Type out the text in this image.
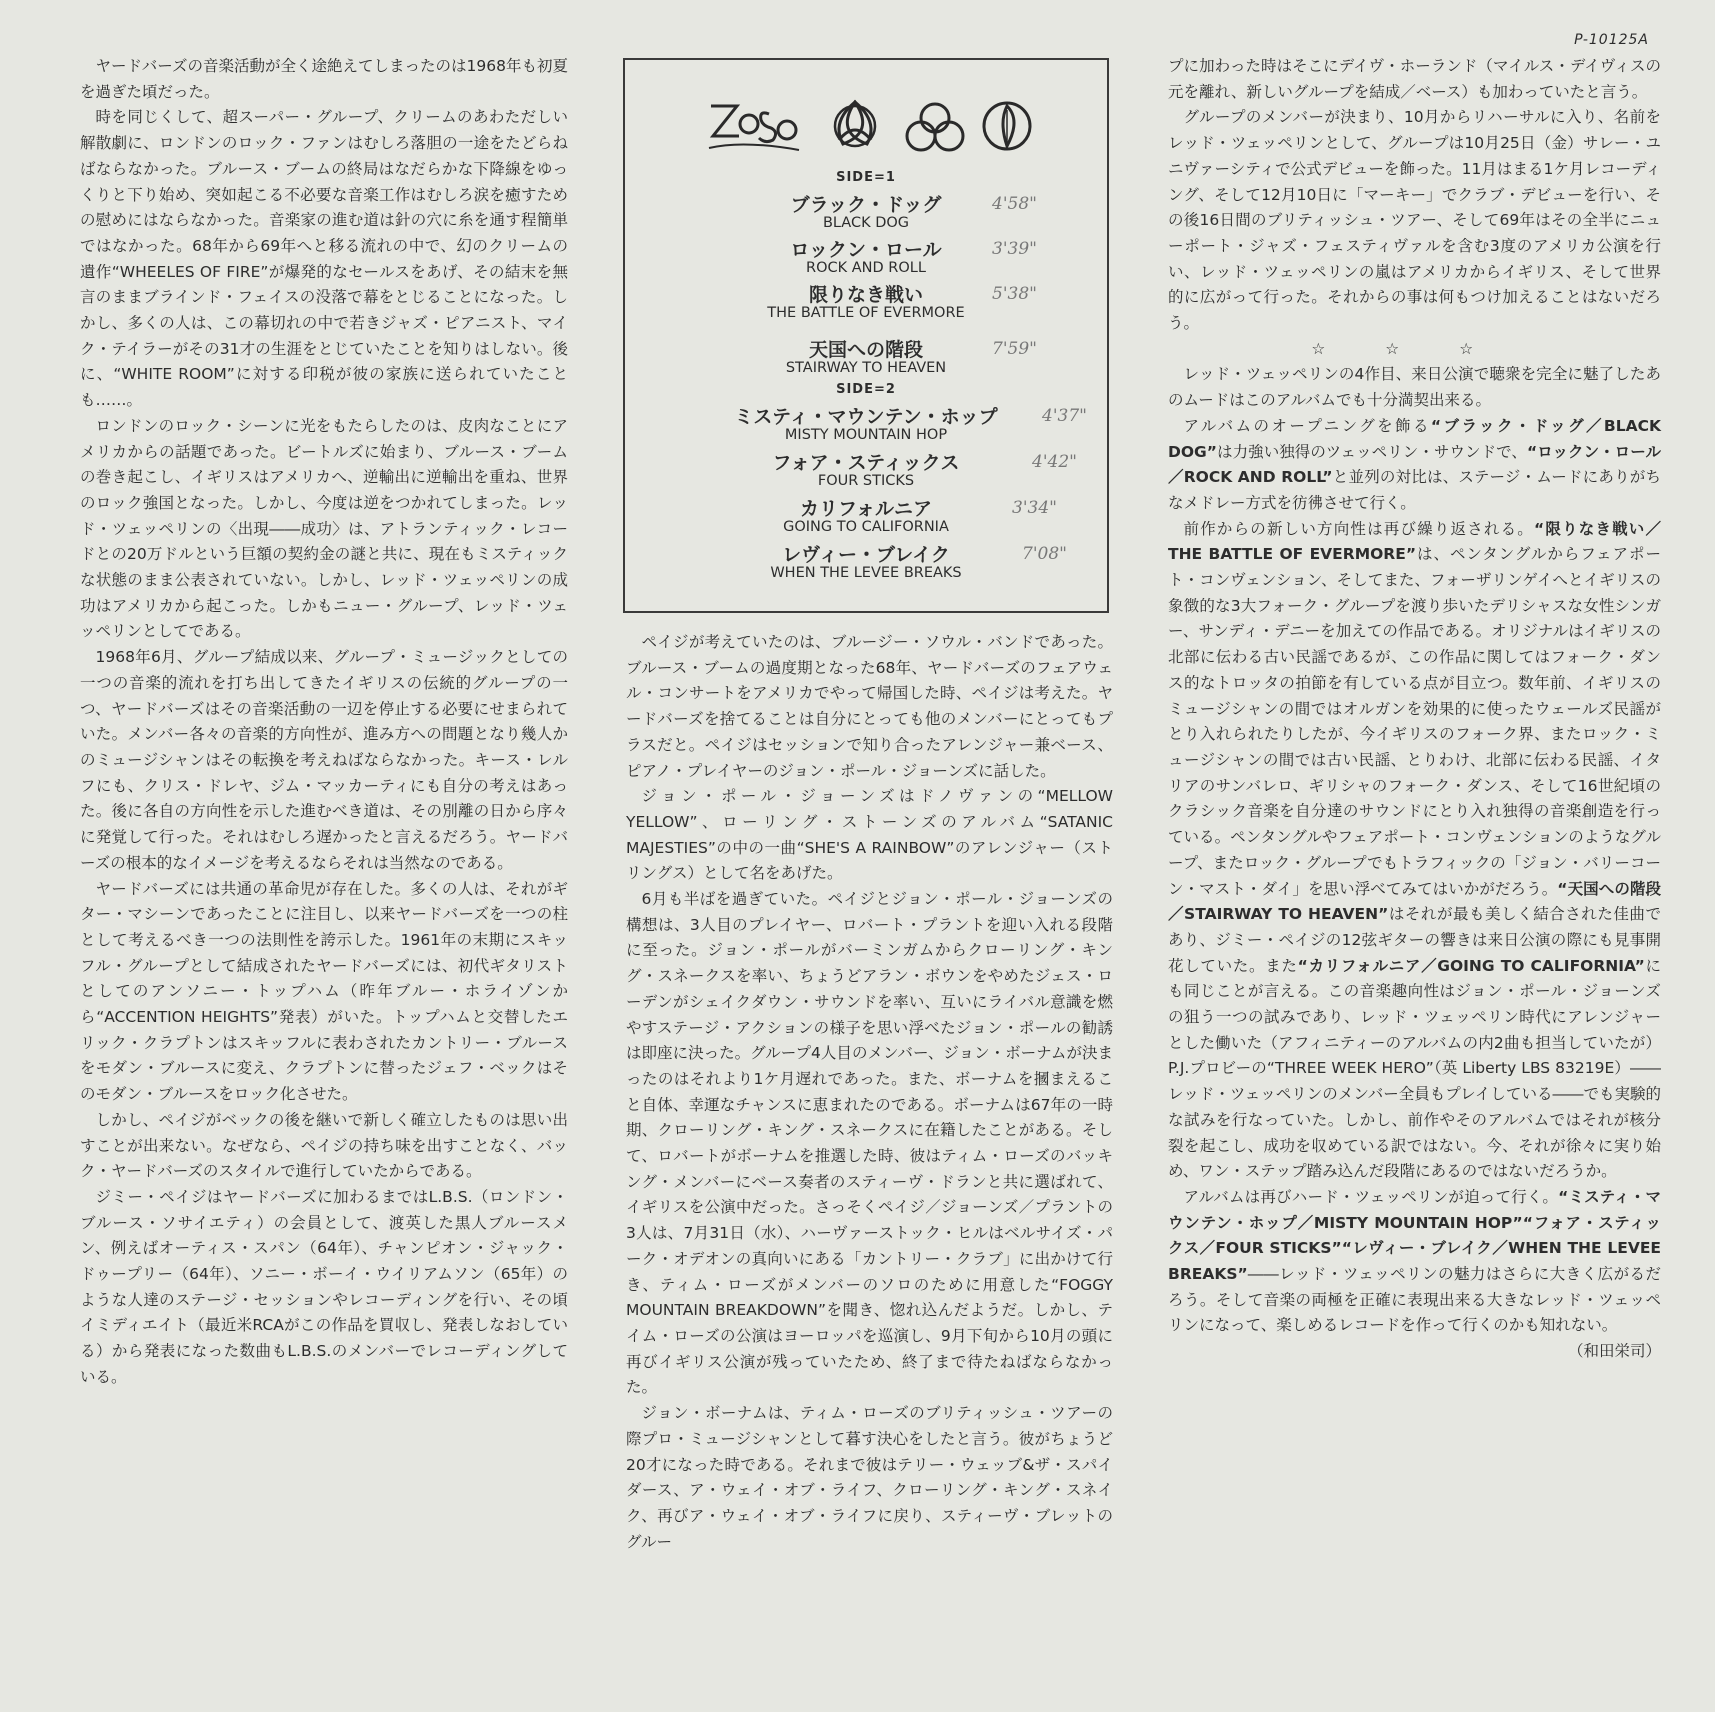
P-10125A

ヤードバーズの音楽活動が全く途絶えてしまったのは1968年も初夏を過ぎた頃だった。

時を同じくして、超スーパー・グループ、クリームのあわただしい解散劇に、ロンドンのロック・ファンはむしろ落胆の一途をたどらねばならなかった。ブルース・ブームの終局はなだらかな下降線をゆっくりと下り始め、突如起こる不必要な音楽工作はむしろ涙を癒すための慰めにはならなかった。音楽家の進む道は針の穴に糸を通す程簡単ではなかった。68年から69年へと移る流れの中で、幻のクリームの遺作“WHEELES OF FIRE”が爆発的なセールスをあげ、その結末を無言のままブラインド・フェイスの没落で幕をとじることになった。しかし、多くの人は、この幕切れの中で若きジャズ・ピアニスト、マイク・テイラーがその31才の生涯をとじていたことを知りはしない。後に、“WHITE ROOM”に対する印税が彼の家族に送られていたことも……。

ロンドンのロック・シーンに光をもたらしたのは、皮肉なことにアメリカからの話題であった。ビートルズに始まり、ブルース・ブームの巻き起こし、イギリスはアメリカへ、逆輸出に逆輸出を重ね、世界のロック強国となった。しかし、今度は逆をつかれてしまった。レッド・ツェッペリンの〈出現――成功〉は、アトランティック・レコードとの20万ドルという巨額の契約金の謎と共に、現在もミスティックな状態のまま公表されていない。しかし、レッド・ツェッペリンの成功はアメリカから起こった。しかもニュー・グループ、レッド・ツェッペリンとしてである。

1968年6月、グループ結成以来、グループ・ミュージックとしての一つの音楽的流れを打ち出してきたイギリスの伝統的グループの一つ、ヤードバーズはその音楽活動の一辺を停止する必要にせまられていた。メンバー各々の音楽的方向性が、進み方への問題となり幾人かのミュージシャンはその転換を考えねばならなかった。キース・レルフにも、クリス・ドレヤ、ジム・マッカーティにも自分の考えはあった。後に各自の方向性を示した進むべき道は、その別離の日から序々に発覚して行った。それはむしろ遅かったと言えるだろう。ヤードバーズの根本的なイメージを考えるならそれは当然なのである。

ヤードバーズには共通の革命児が存在した。多くの人は、それがギター・マシーンであったことに注目し、以来ヤードバーズを一つの柱として考えるべき一つの法則性を誇示した。1961年の末期にスキッフル・グループとして結成されたヤードバーズには、初代ギタリストとしてのアンソニー・トップハム（昨年ブルー・ホライゾンから“ACCENTION HEIGHTS”発表）がいた。トップハムと交替したエリック・クラプトンはスキッフルに表わされたカントリー・ブルースをモダン・ブルースに変え、クラプトンに替ったジェフ・ベックはそのモダン・ブルースをロック化させた。

しかし、ペイジがベックの後を継いで新しく確立したものは思い出すことが出来ない。なぜなら、ペイジの持ち味を出すことなく、バック・ヤードバーズのスタイルで進行していたからである。

ジミー・ペイジはヤードバーズに加わるまではL.B.S.（ロンドン・ブルース・ソサイエティ）の会員として、渡英した黒人ブルースメン、例えばオーティス・スパン（64年）、チャンピオン・ジャック・ドゥープリー（64年）、ソニー・ボーイ・ウイリアムソン（65年）のような人達のステージ・セッションやレコーディングを行い、その頃イミディエイト（最近米RCAがこの作品を買収し、発表しなおしている）から発表になった数曲もL.B.S.のメンバーでレコーディングしている。

SIDE=1
ブラック・ドッグ
BLACK DOG
4'58"
ロックン・ロール
ROCK AND ROLL
3'39"
限りなき戦い
THE BATTLE OF EVERMORE
5'38"
天国への階段
STAIRWAY TO HEAVEN
7'59"
SIDE=2
ミスティ・マウンテン・ホップ
MISTY MOUNTAIN HOP
4'37"
フォア・スティックス
FOUR STICKS
4'42"
カリフォルニア
GOING TO CALIFORNIA
3'34"
レヴィー・ブレイク
WHEN THE LEVEE BREAKS
7'08"

ペイジが考えていたのは、ブルージー・ソウル・バンドであった。ブルース・ブームの過度期となった68年、ヤードバーズのフェアウェル・コンサートをアメリカでやって帰国した時、ペイジは考えた。ヤードバーズを捨てることは自分にとっても他のメンバーにとってもプラスだと。ペイジはセッションで知り合ったアレンジャー兼ベース、ピアノ・プレイヤーのジョン・ポール・ジョーンズに話した。

ジョン・ポール・ジョーンズはドノヴァンの“MELLOW YELLOW”、ローリング・ストーンズのアルバム“SATANIC MAJESTIES”の中の一曲“SHE'S A RAINBOW”のアレンジャー（ストリングス）として名をあげた。

6月も半ばを過ぎていた。ペイジとジョン・ポール・ジョーンズの構想は、3人目のプレイヤー、ロバート・プラントを迎い入れる段階に至った。ジョン・ポールがバーミンガムからクローリング・キング・スネークスを率い、ちょうどアラン・ボウンをやめたジェス・ローデンがシェイクダウン・サウンドを率い、互いにライバル意識を燃やすステージ・アクションの様子を思い浮べたジョン・ポールの勧誘は即座に決った。グループ4人目のメンバー、ジョン・ボーナムが決まったのはそれより1ケ月遅れであった。また、ボーナムを摑まえること自体、幸運なチャンスに恵まれたのである。ボーナムは67年の一時期、クローリング・キング・スネークスに在籍したことがある。そして、ロバートがボーナムを推選した時、彼はティム・ローズのバッキング・メンバーにベース奏者のスティーヴ・ドランと共に選ばれて、イギリスを公演中だった。さっそくペイジ／ジョーンズ／プラントの3人は、7月31日（水）、ハーヴァーストック・ヒルはベルサイズ・パーク・オデオンの真向いにある「カントリー・クラブ」に出かけて行き、ティム・ローズがメンバーのソロのために用意した“FOGGY MOUNTAIN BREAKDOWN”を聞き、惚れ込んだようだ。しかし、テイム・ローズの公演はヨーロッパを巡演し、9月下旬から10月の頭に再びイギリス公演が残っていたため、終了まで待たねばならなかった。

ジョン・ボーナムは、ティム・ローズのブリティッシュ・ツアーの際プロ・ミュージシャンとして暮す決心をしたと言う。彼がちょうど20才になった時である。それまで彼はテリー・ウェッブ&ザ・スパイダース、ア・ウェイ・オブ・ライフ、クローリング・キング・スネイク、再びア・ウェイ・オブ・ライフに戻り、スティーヴ・ブレットのグルー

プに加わった時はそこにデイヴ・ホーランド（マイルス・デイヴィスの元を離れ、新しいグループを結成／ベース）も加わっていたと言う。

グループのメンバーが決まり、10月からリハーサルに入り、名前をレッド・ツェッペリンとして、グループは10月25日（金）サレー・ユニヴァーシティで公式デビューを飾った。11月はまる1ケ月レコーディング、そして12月10日に「マーキー」でクラブ・デビューを行い、その後16日間のブリティッシュ・ツアー、そして69年はその全半にニューポート・ジャズ・フェスティヴァルを含む3度のアメリカ公演を行い、レッド・ツェッペリンの嵐はアメリカからイギリス、そして世界的に広がって行った。それからの事は何もつけ加えることはないだろう。

☆☆☆

レッド・ツェッペリンの4作目、来日公演で聴衆を完全に魅了したあのムードはこのアルバムでも十分満契出来る。

アルバムのオープニングを飾る“ブラック・ドッグ／BLACK DOG”は力強い独得のツェッペリン・サウンドで、“ロックン・ロール／ROCK AND ROLL”と並列の対比は、ステージ・ムードにありがちなメドレー方式を彷彿させて行く。

前作からの新しい方向性は再び繰り返される。“限りなき戦い／THE BATTLE OF EVERMORE”は、ペンタングルからフェアポート・コンヴェンション、そしてまた、フォーザリンゲイへとイギリスの象徴的な3大フォーク・グループを渡り歩いたデリシャスな女性シンガー、サンディ・デニーを加えての作品である。オリジナルはイギリスの北部に伝わる古い民謡であるが、この作品に関してはフォーク・ダンス的なトロッタの拍節を有している点が目立つ。数年前、イギリスのミュージシャンの間ではオルガンを効果的に使ったウェールズ民謡がとり入れられたりしたが、今イギリスのフォーク界、またロック・ミュージシャンの間では古い民謡、とりわけ、北部に伝わる民謡、イタリアのサンバレロ、ギリシャのフォーク・ダンス、そして16世紀頃のクラシック音楽を自分達のサウンドにとり入れ独得の音楽創造を行っている。ペンタングルやフェアポート・コンヴェンションのようなグループ、またロック・グループでもトラフィックの「ジョン・バリーコーン・マスト・ダイ」を思い浮べてみてはいかがだろう。“天国への階段／STAIRWAY TO HEAVEN”はそれが最も美しく結合された佳曲であり、ジミー・ペイジの12弦ギターの響きは来日公演の際にも見事開花していた。また“カリフォルニア／GOING TO CALIFORNIA”にも同じことが言える。この音楽趣向性はジョン・ポール・ジョーンズの狙う一つの試みであり、レッド・ツェッペリン時代にアレンジャーとした働いた（アフィニティーのアルバムの内2曲も担当していたが）P.J.プロビーの“THREE WEEK HERO”（英 Liberty LBS 83219E）――レッド・ツェッペリンのメンバー全員もプレイしている――でも実験的な試みを行なっていた。しかし、前作やそのアルバムではそれが核分裂を起こし、成功を収めている訳ではない。今、それが徐々に実り始め、ワン・ステップ踏み込んだ段階にあるのではないだろうか。

アルバムは再びハード・ツェッペリンが迫って行く。“ミスティ・マウンテン・ホップ／MISTY MOUNTAIN HOP”“フォア・スティックス／FOUR STICKS”“レヴィー・ブレイク／WHEN THE LEVEE BREAKS”――レッド・ツェッペリンの魅力はさらに大きく広がるだろう。そして音楽の両極を正確に表現出来る大きなレッド・ツェッペリンになって、楽しめるレコードを作って行くのかも知れない。

（和田栄司）
